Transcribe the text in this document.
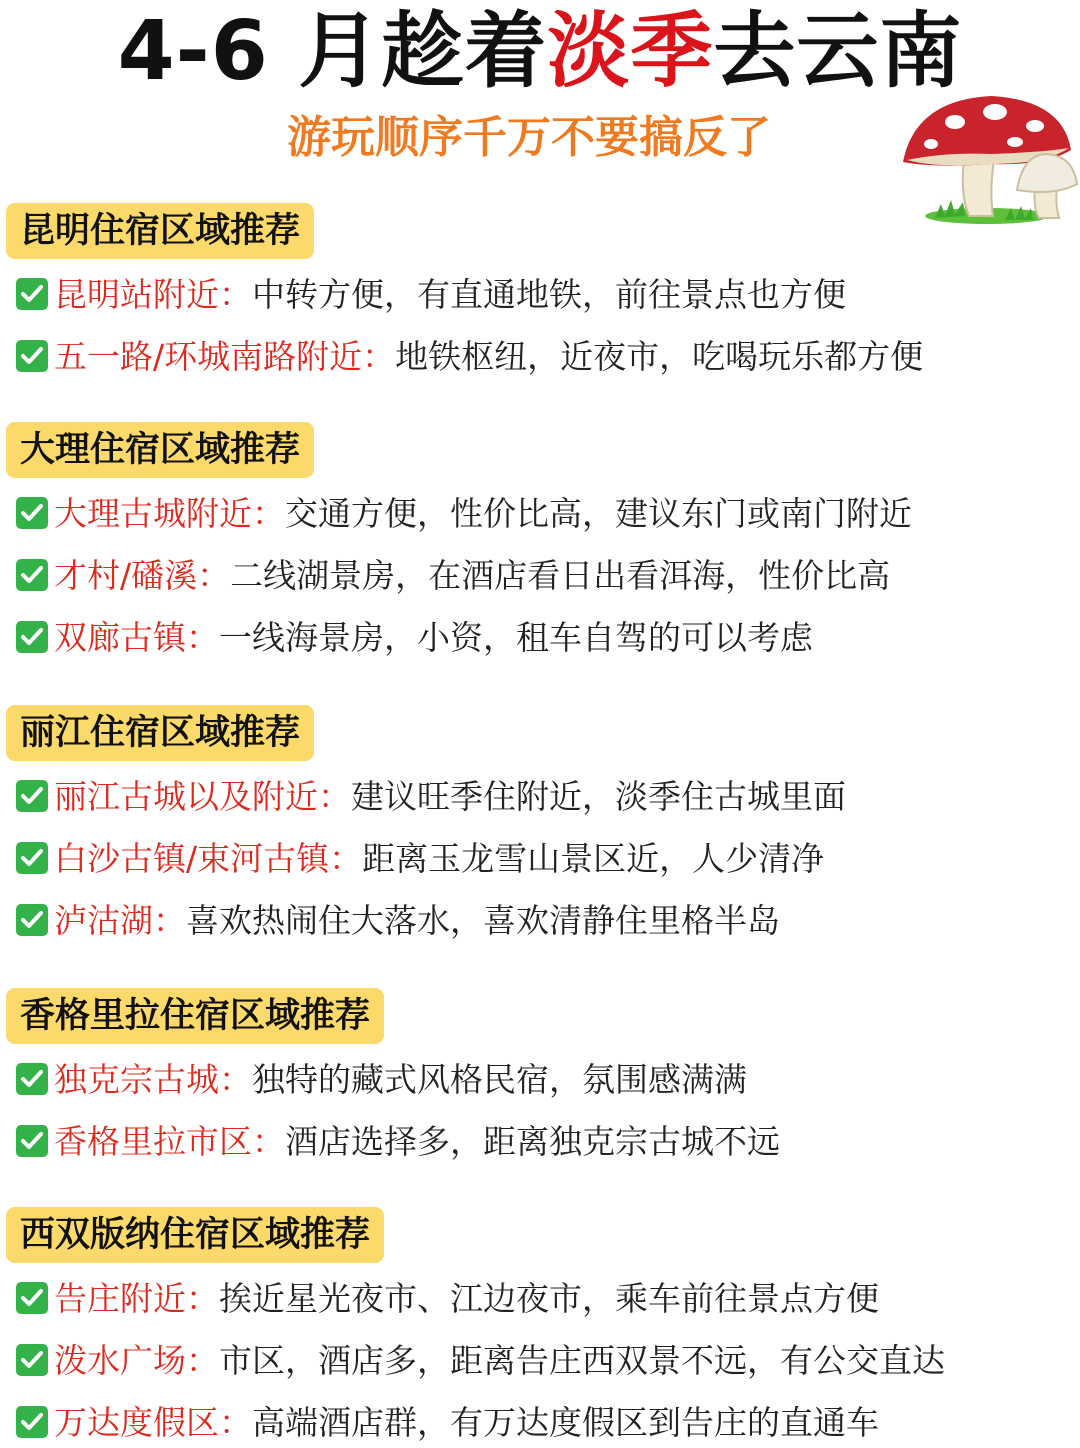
4-6 月趁着淡季去云南
游玩顺序千万不要搞反了
昆明住宿区域推荐
昆明站附近：中转方便，有直通地铁，前往景点也方便
五一路/环城南路附近：地铁枢纽，近夜市，吃喝玩乐都方便
大理住宿区域推荐
大理古城附近：交通方便，性价比高，建议东门或南门附近
才村/磻溪：二线湖景房，在酒店看日出看洱海，性价比高
双廊古镇：一线海景房，小资，租车自驾的可以考虑
丽江住宿区域推荐
丽江古城以及附近：建议旺季住附近，淡季住古城里面
白沙古镇/束河古镇：距离玉龙雪山景区近，人少清净
泸沽湖：喜欢热闹住大落水，喜欢清静住里格半岛
香格里拉住宿区域推荐
独克宗古城：独特的藏式风格民宿，氛围感满满
香格里拉市区：酒店选择多，距离独克宗古城不远
西双版纳住宿区域推荐
告庄附近：挨近星光夜市、江边夜市，乘车前往景点方便
泼水广场：市区，酒店多，距离告庄西双景不远，有公交直达
万达度假区：高端酒店群，有万达度假区到告庄的直通车
